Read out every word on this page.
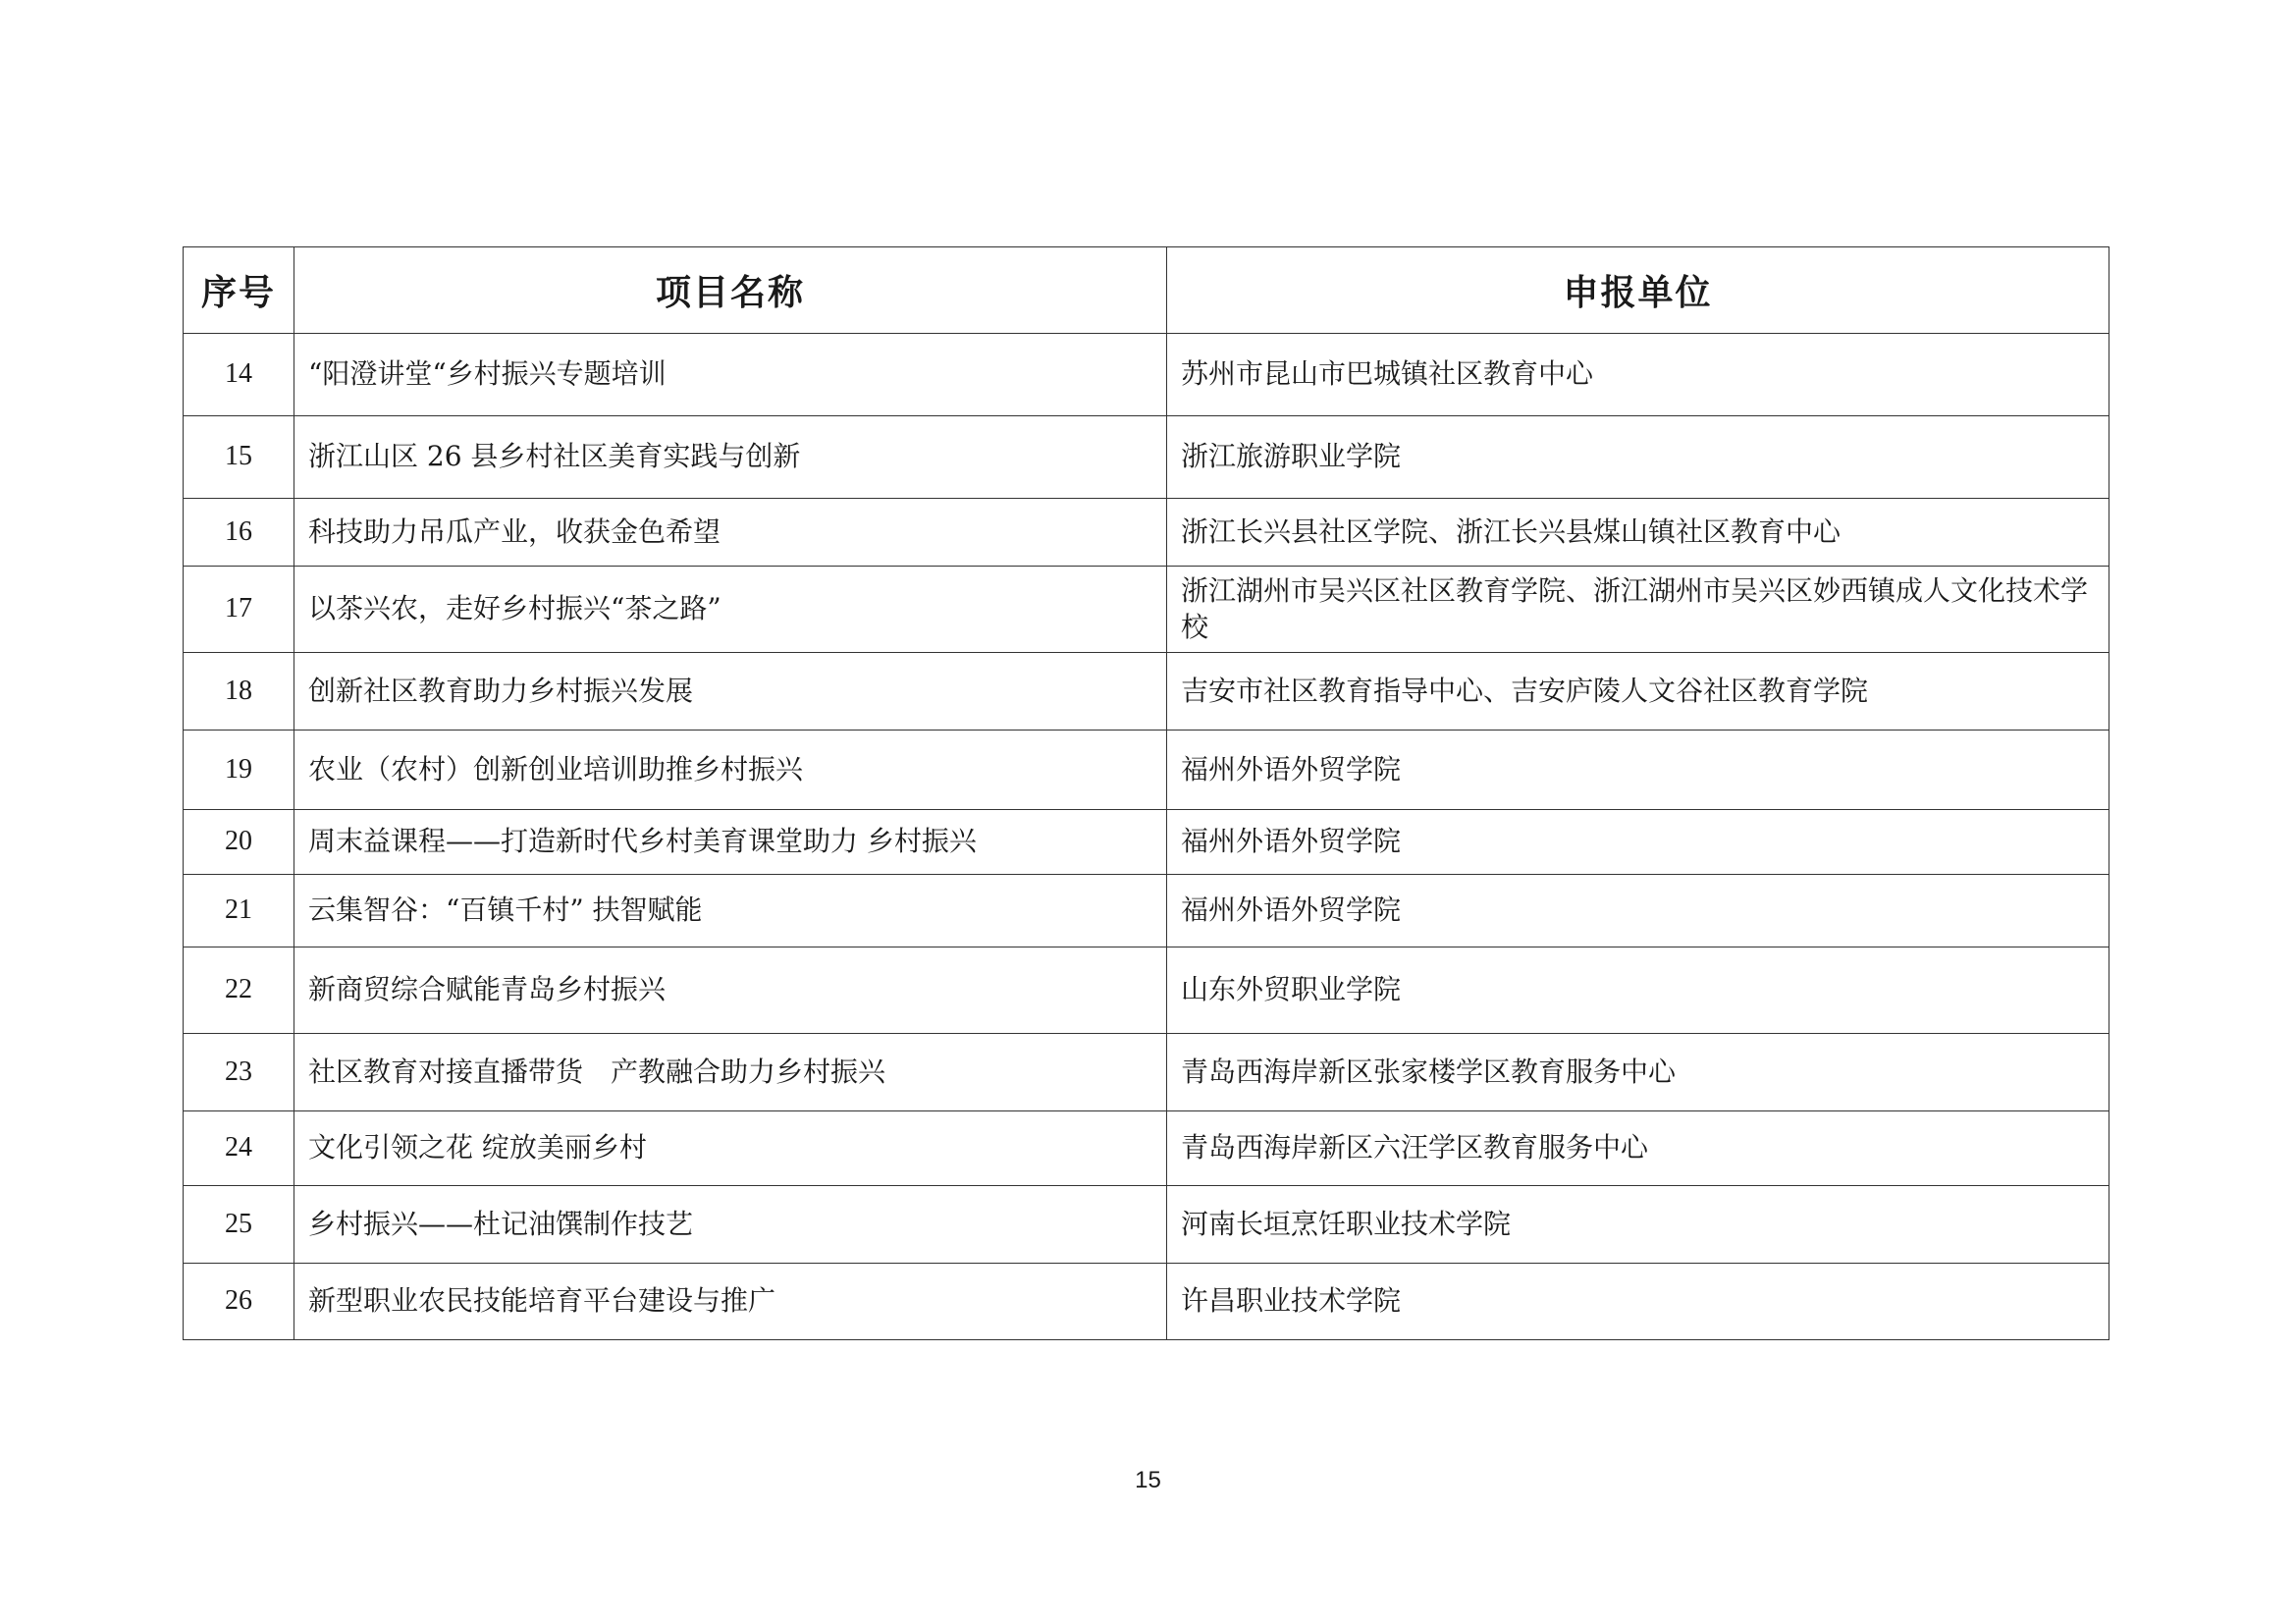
序号	项目名称	申报单位
14	“阳澄讲堂“乡村振兴专题培训	苏州市昆山市巴城镇社区教育中心
15	浙江山区 26 县乡村社区美育实践与创新	浙江旅游职业学院
16	科技助力吊瓜产业，收获金色希望	浙江长兴县社区学院、浙江长兴县煤山镇社区教育中心
17	以茶兴农，走好乡村振兴“茶之路”	浙江湖州市吴兴区社区教育学院、浙江湖州市吴兴区妙西镇成人文化技术学校
18	创新社区教育助力乡村振兴发展	吉安市社区教育指导中心、吉安庐陵人文谷社区教育学院
19	农业（农村）创新创业培训助推乡村振兴	福州外语外贸学院
20	周末益课程——打造新时代乡村美育课堂助力 乡村振兴	福州外语外贸学院
21	云集智谷：“百镇千村” 扶智赋能	福州外语外贸学院
22	新商贸综合赋能青岛乡村振兴	山东外贸职业学院
23	社区教育对接直播带货　产教融合助力乡村振兴	青岛西海岸新区张家楼学区教育服务中心
24	文化引领之花 绽放美丽乡村	青岛西海岸新区六汪学区教育服务中心
25	乡村振兴——杜记油馔制作技艺	河南长垣烹饪职业技术学院
26	新型职业农民技能培育平台建设与推广	许昌职业技术学院
15
